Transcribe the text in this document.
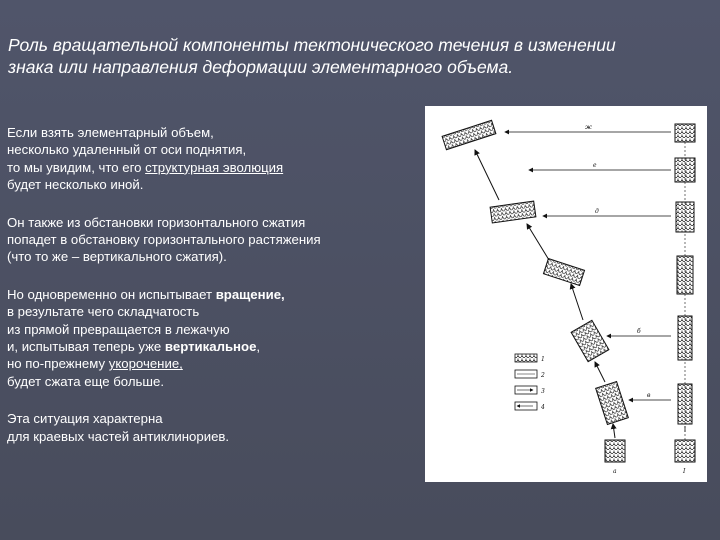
Роль вращательной компоненты тектонического течения в изменении
знака или направления деформации элементарного объема.
Если взять элементарный объем,
несколько удаленный от оси поднятия,
то мы увидим, что его структурная эволюция
будет несколько иной.
Он также из обстановки горизонтального сжатия
попадет в обстановку горизонтального растяжения
(что то же – вертикального сжатия).
Но одновременно он испытывает вращение,
в результате чего складчатость
из прямой превращается в лежачую
и, испытывая теперь уже вертикальное,
но по-прежнему укорочение,
будет сжата еще больше.
Эта ситуация характерна
для краевых частей антиклинориев.
ж
е
д
б
в
а	I
1
2
3
4
